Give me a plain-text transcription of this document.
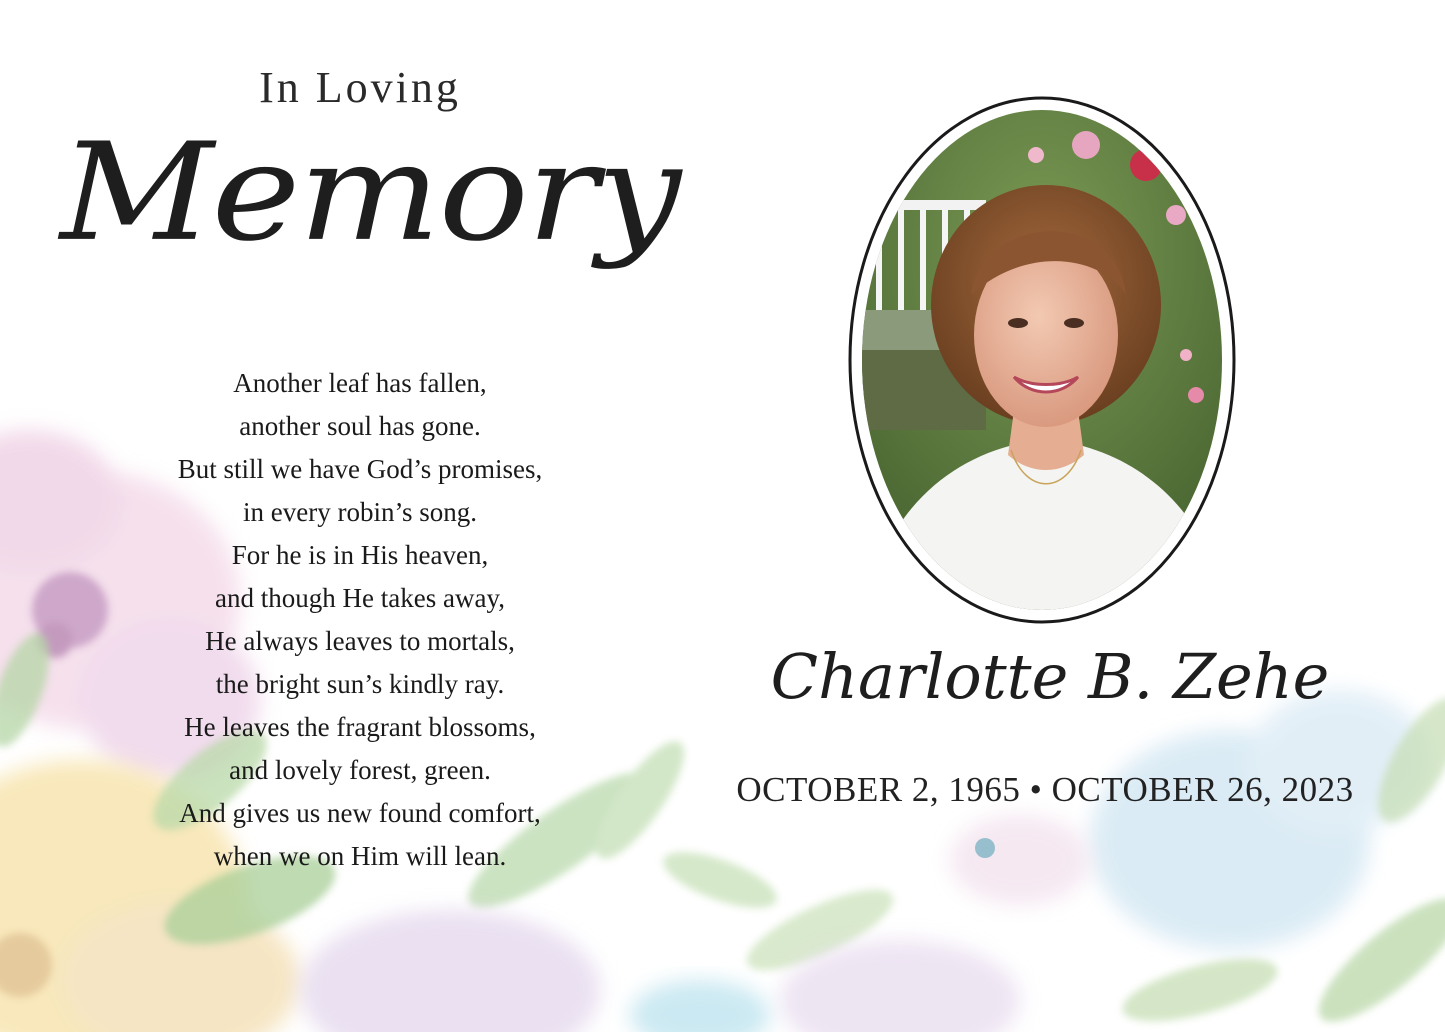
In Loving
Memory
Another leaf has fallen,
another soul has gone.
But still we have God’s promises,
in every robin’s song.
For he is in His heaven,
and though He takes away,
He always leaves to mortals,
the bright sun’s kindly ray.
He leaves the fragrant blossoms,
and lovely forest, green.
And gives us new found comfort,
when we on Him will lean.
Charlotte B. Zehe
OCTOBER 2, 1965 • OCTOBER 26, 2023
